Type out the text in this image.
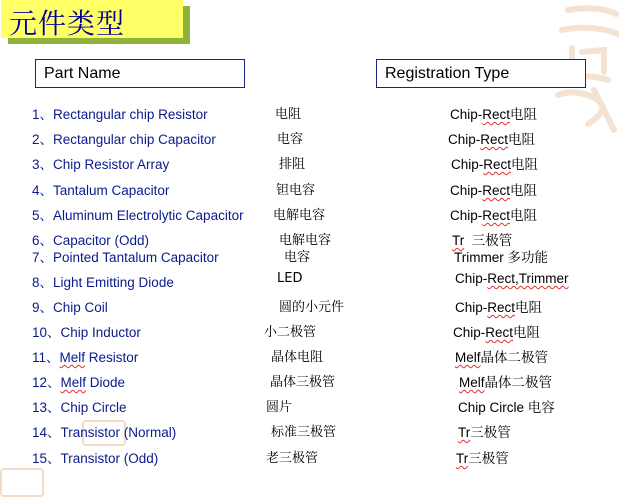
元件类型
Part Name	Registration Type
1、Rectangular chip Resistor	电阻	Chip-Rect电阻
2、Rectangular chip Capacitor	电容	Chip-Rect电阻
3、Chip Resistor Array	排阻	Chip-Rect电阻
4、Tantalum Capacitor	钽电容	Chip-Rect电阻
5、Aluminum Electrolytic Capacitor 电解电容	Chip-Rect电阻
6、Capacitor (Odd)	电解电容	Tr  三极管
7、Pointed Tantalum Capacitor	电容	Trimmer 多功能
8、Light Emitting Diode	LED	Chip-Rect,Trimmer
9、Chip Coil	圆的小元件	Chip-Rect电阻
10、Chip Inductor	小二极管	Chip-Rect电阻
11、Melf Resistor	晶体电阻	Melf晶体二极管
12、Melf Diode	晶体三极管	Melf晶体二极管
13、Chip Circle	圆片	Chip Circle 电容
14、Transistor (Normal)	标准三极管	Tr三极管
15、Transistor (Odd)	老三极管	Tr三极管
